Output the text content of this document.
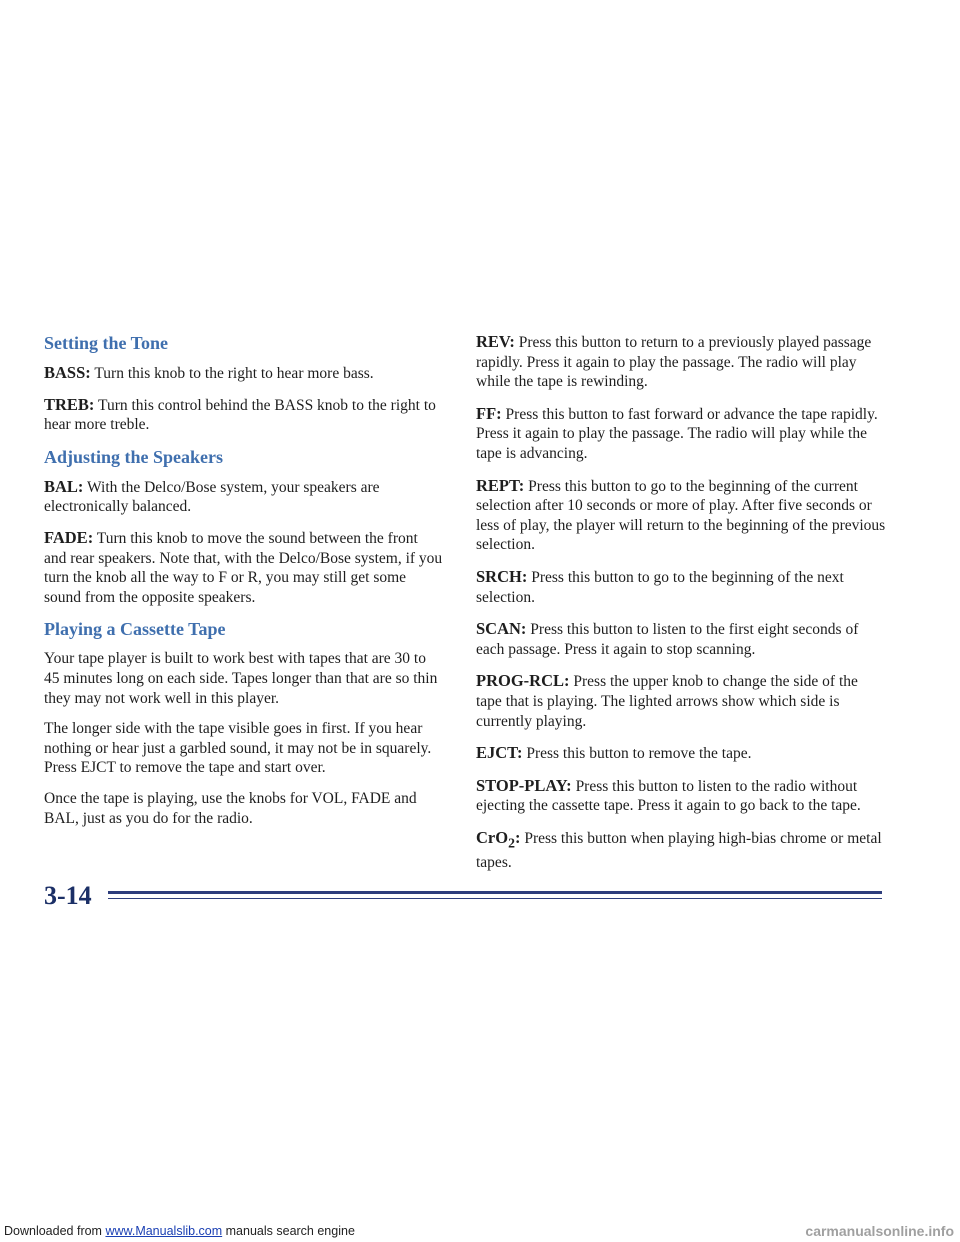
Setting the Tone

BASS: Turn this knob to the right to hear more bass.

TREB: Turn this control behind the BASS knob to the right to hear more treble.

Adjusting the Speakers

BAL: With the Delco/Bose system, your speakers are electronically balanced.

FADE: Turn this knob to move the sound between the front and rear speakers. Note that, with the Delco/Bose system, if you turn the knob all the way to F or R, you may still get some sound from the opposite speakers.

Playing a Cassette Tape

Your tape player is built to work best with tapes that are 30 to 45 minutes long on each side. Tapes longer than that are so thin they may not work well in this player.

The longer side with the tape visible goes in first. If you hear nothing or hear just a garbled sound, it may not be in squarely. Press EJCT to remove the tape and start over.

Once the tape is playing, use the knobs for VOL, FADE and BAL, just as you do for the radio.

REV: Press this button to return to a previously played passage rapidly. Press it again to play the passage. The radio will play while the tape is rewinding.

FF: Press this button to fast forward or advance the tape rapidly. Press it again to play the passage. The radio will play while the tape is advancing.

REPT: Press this button to go to the beginning of the current selection after 10 seconds or more of play. After five seconds or less of play, the player will return to the beginning of the previous selection.

SRCH: Press this button to go to the beginning of the next selection.

SCAN: Press this button to listen to the first eight seconds of each passage. Press it again to stop scanning.

PROG-RCL: Press the upper knob to change the side of the tape that is playing. The lighted arrows show which side is currently playing.

EJCT: Press this button to remove the tape.

STOP-PLAY: Press this button to listen to the radio without ejecting the cassette tape. Press it again to go back to the tape.

CrO$_2$: Press this button when playing high-bias chrome or metal tapes.

3-14
Downloaded from www.Manualslib.com manuals search engine	carmanualsonline.info
